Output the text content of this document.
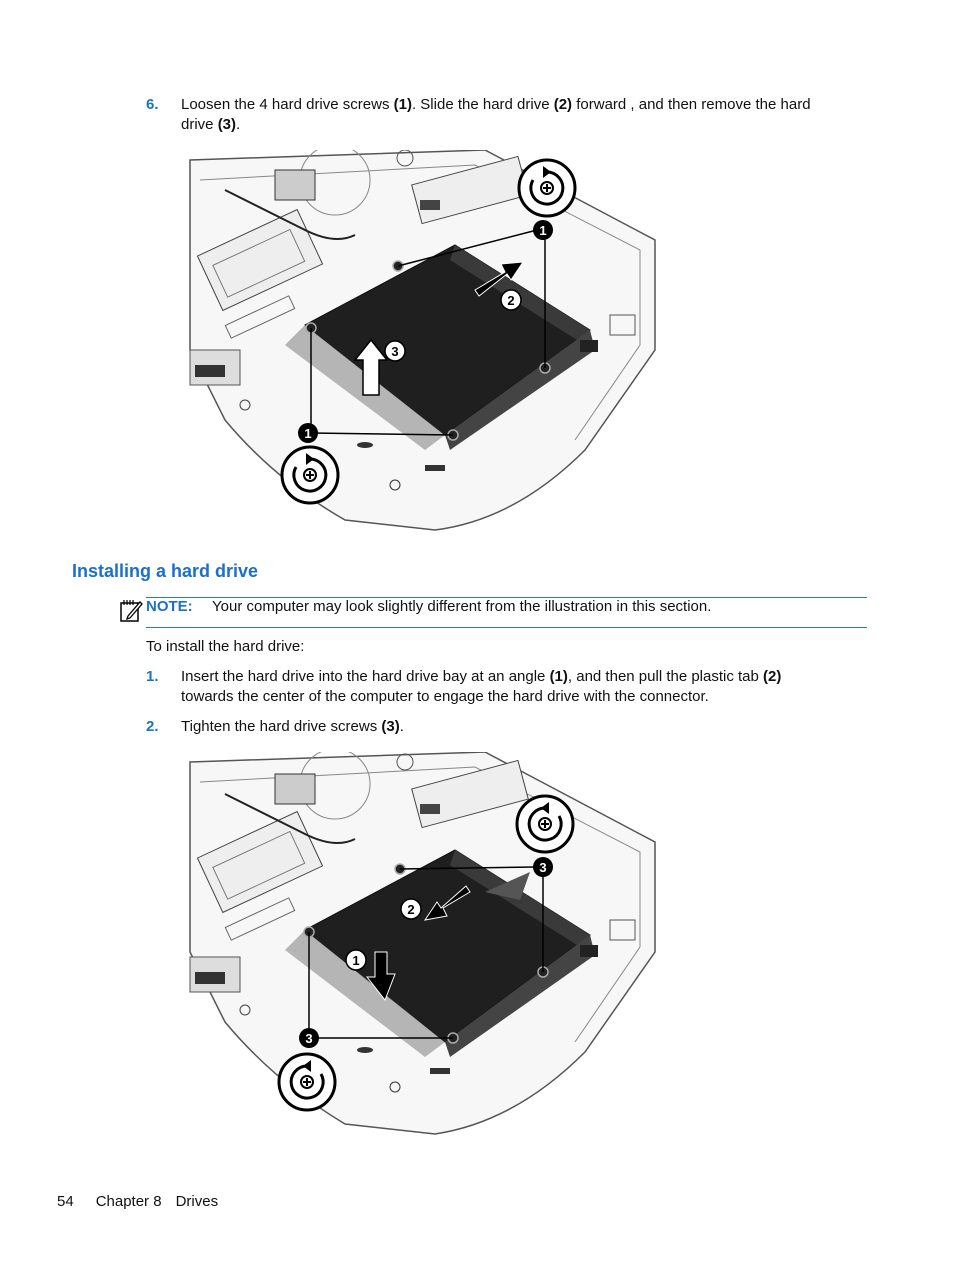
6. Loosen the 4 hard drive screws (1). Slide the hard drive (2) forward , and then remove the hard
drive (3).
1
2
3
1
Installing a hard drive
NOTE: Your computer may look slightly different from the illustration in this section.
To install the hard drive:
1. Insert the hard drive into the hard drive bay at an angle (1), and then pull the plastic tab (2)
towards the center of the computer to engage the hard drive with the connector.
2. Tighten the hard drive screws (3).
3
2
1
3
54 Chapter 8 Drives
